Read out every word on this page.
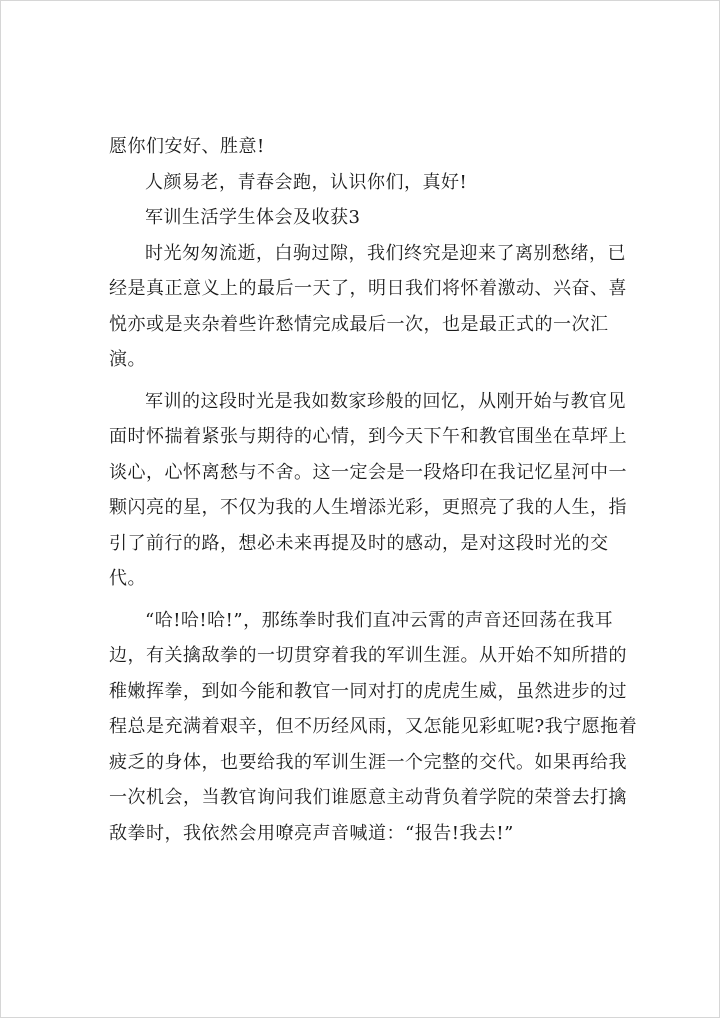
愿你们安好、胜意!

人颜易老，青春会跑，认识你们，真好!

军训生活学生体会及收获3

时光匆匆流逝，白驹过隙，我们终究是迎来了离别愁绪，已经是真正意义上的最后一天了，明日我们将怀着激动、兴奋、喜悦亦或是夹杂着些许愁情完成最后一次，也是最正式的一次汇演。

军训的这段时光是我如数家珍般的回忆，从刚开始与教官见面时怀揣着紧张与期待的心情，到今天下午和教官围坐在草坪上谈心，心怀离愁与不舍。这一定会是一段烙印在我记忆星河中一颗闪亮的星，不仅为我的人生增添光彩，更照亮了我的人生，指引了前行的路，想必未来再提及时的感动，是对这段时光的交代。

“哈!哈!哈!”，那练拳时我们直冲云霄的声音还回荡在我耳边，有关擒敌拳的一切贯穿着我的军训生涯。从开始不知所措的稚嫩挥拳，到如今能和教官一同对打的虎虎生威，虽然进步的过程总是充满着艰辛，但不历经风雨，又怎能见彩虹呢?我宁愿拖着疲乏的身体，也要给我的军训生涯一个完整的交代。如果再给我一次机会，当教官询问我们谁愿意主动背负着学院的荣誉去打擒敌拳时，我依然会用嘹亮声音喊道：“报告!我去!”
